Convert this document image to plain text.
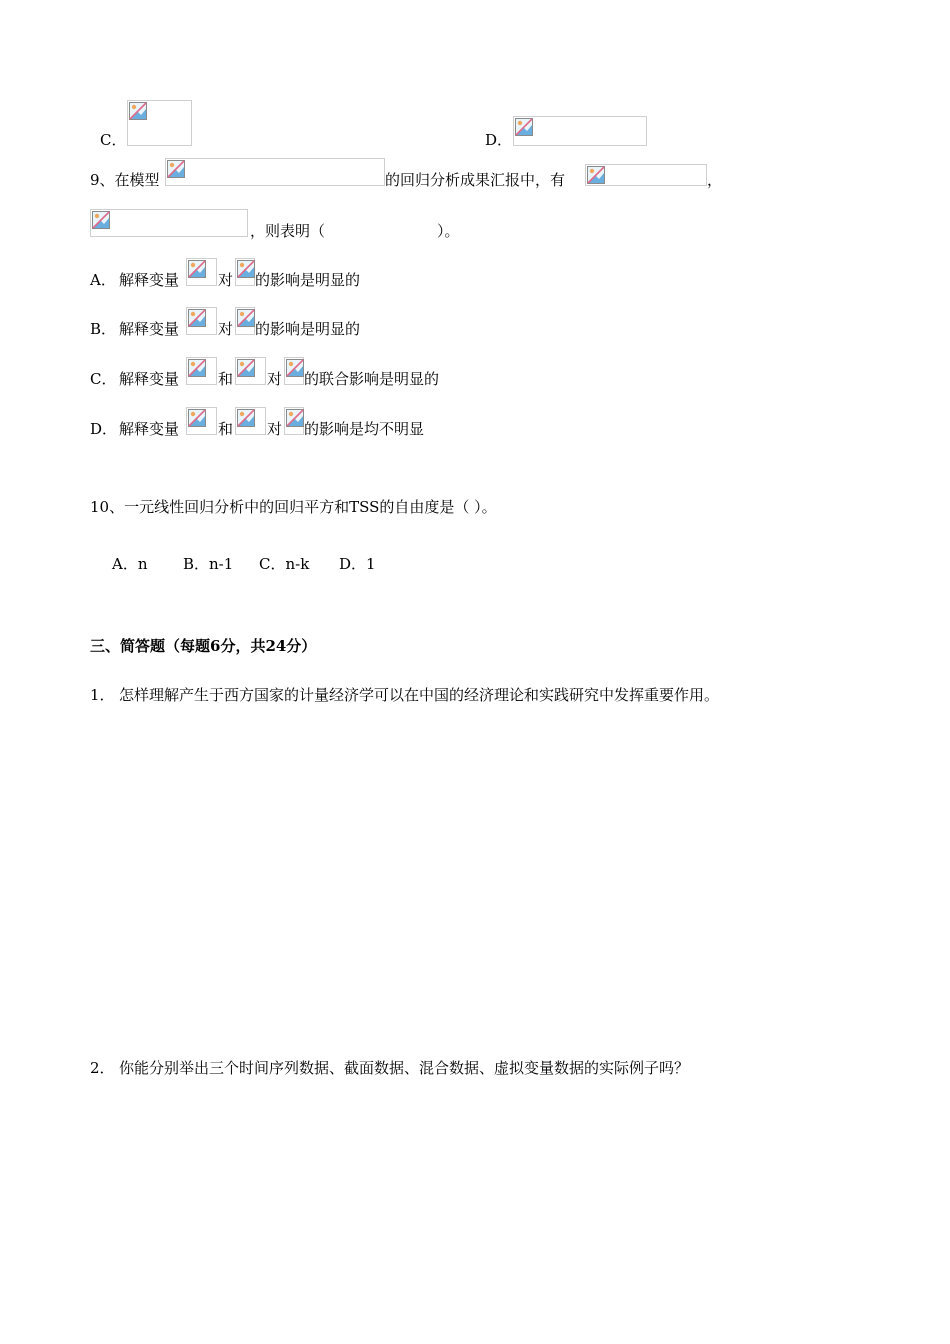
C．	D．
9、在模型	的回归分析成果汇报中，有	，
，则表明（	）。
A． 解释变量	对 的影响是明显的
B． 解释变量	对 的影响是明显的
C． 解释变量	和 对 的联合影响是明显的
D． 解释变量	和 对 的影响是均不明显
10、一元线性回归分析中的回归平方和TSS的自由度是（ ）。
A．n B．n-1 C．n-k D．1
三、简答题（每题6分，共24分）
1． 怎样理解产生于西方国家的计量经济学可以在中国的经济理论和实践研究中发挥重要作用。
2． 你能分别举出三个时间序列数据、截面数据、混合数据、虚拟变量数据的实际例子吗？
